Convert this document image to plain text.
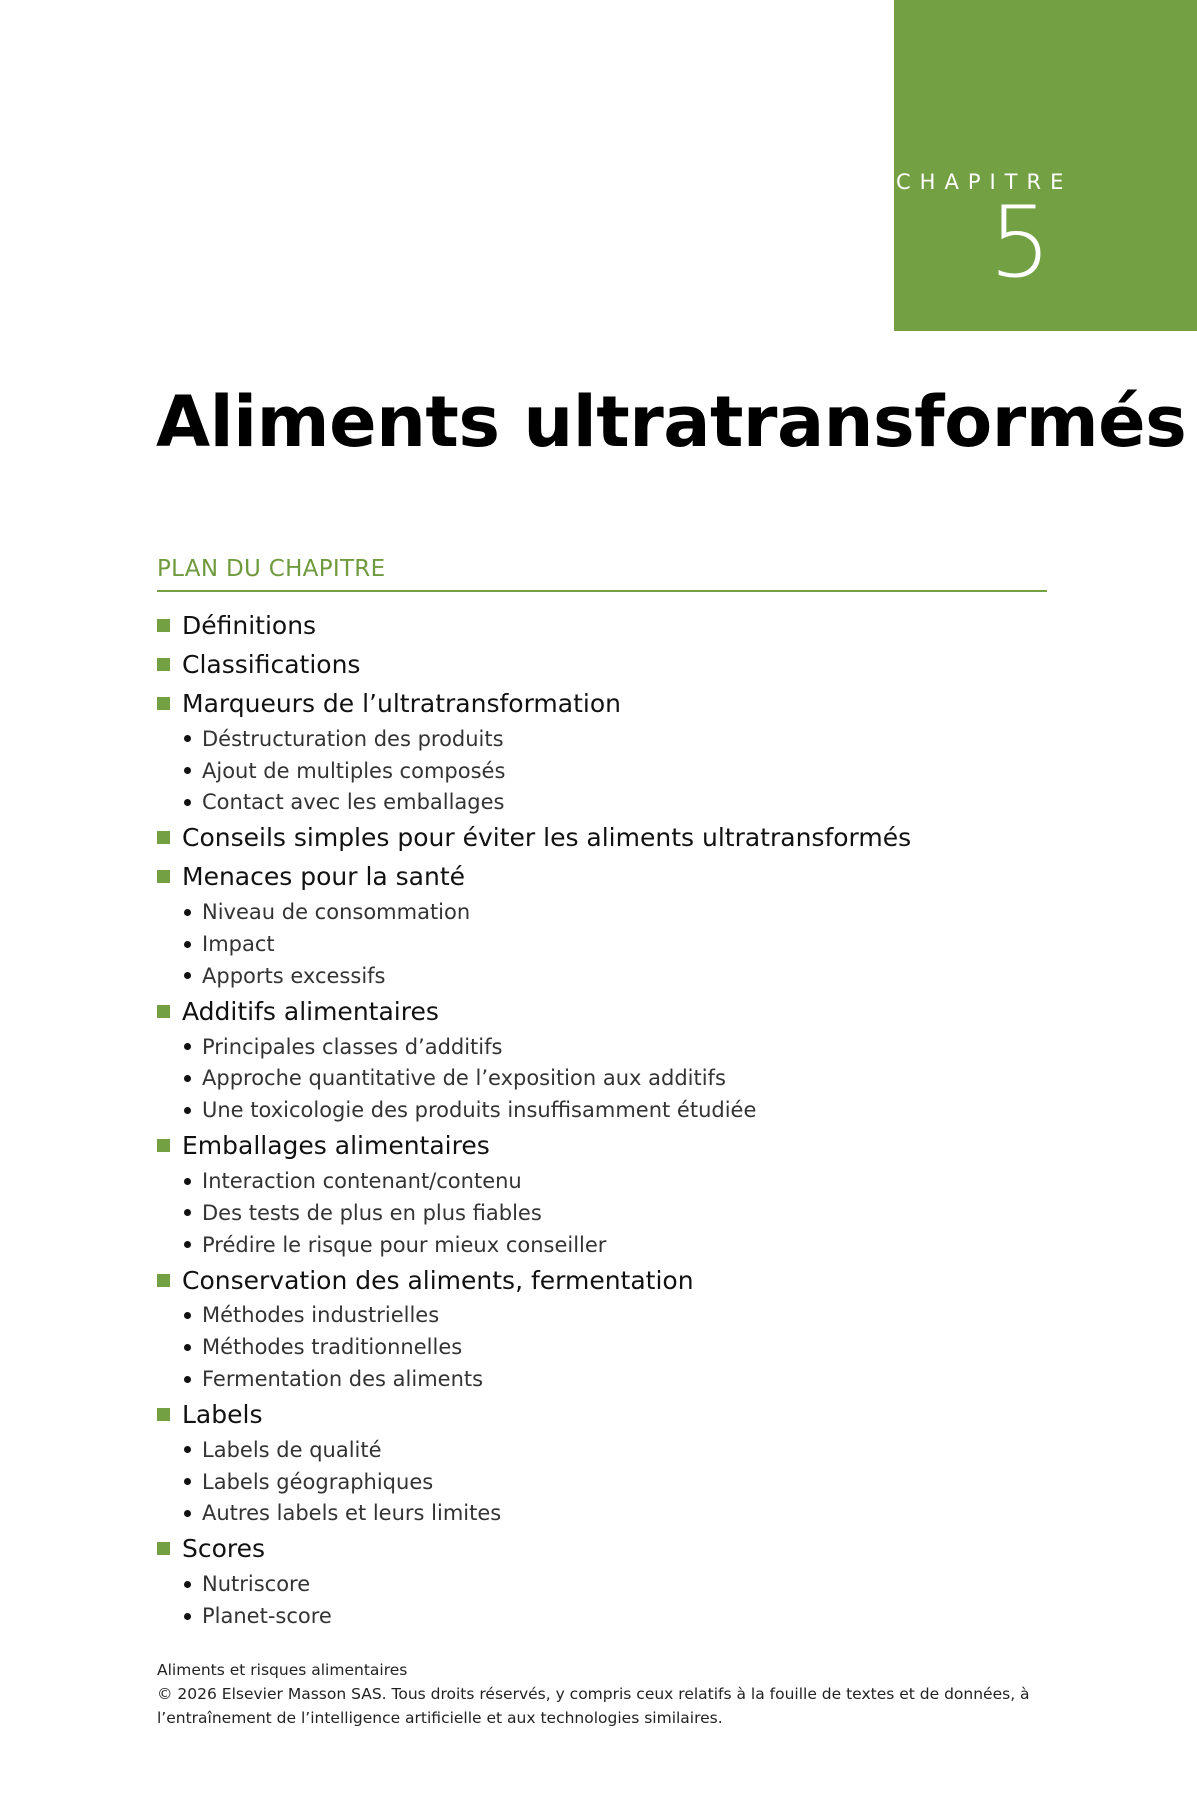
CHAPITRE
5
Aliments ultratransformés
PLAN DU CHAPITRE
Définitions
Classifications
Marqueurs de l’ultratransformation
Déstructuration des produits
Ajout de multiples composés
Contact avec les emballages
Conseils simples pour éviter les aliments ultratransformés
Menaces pour la santé
Niveau de consommation
Impact
Apports excessifs
Additifs alimentaires
Principales classes d’additifs
Approche quantitative de l’exposition aux additifs
Une toxicologie des produits insuffisamment étudiée
Emballages alimentaires
Interaction contenant/contenu
Des tests de plus en plus fiables
Prédire le risque pour mieux conseiller
Conservation des aliments, fermentation
Méthodes industrielles
Méthodes traditionnelles
Fermentation des aliments
Labels
Labels de qualité
Labels géographiques
Autres labels et leurs limites
Scores
Nutriscore
Planet-score
Aliments et risques alimentaires
© 2026 Elsevier Masson SAS. Tous droits réservés, y compris ceux relatifs à la fouille de textes et de données, à l’entraînement de l’intelligence artificielle et aux technologies similaires.
